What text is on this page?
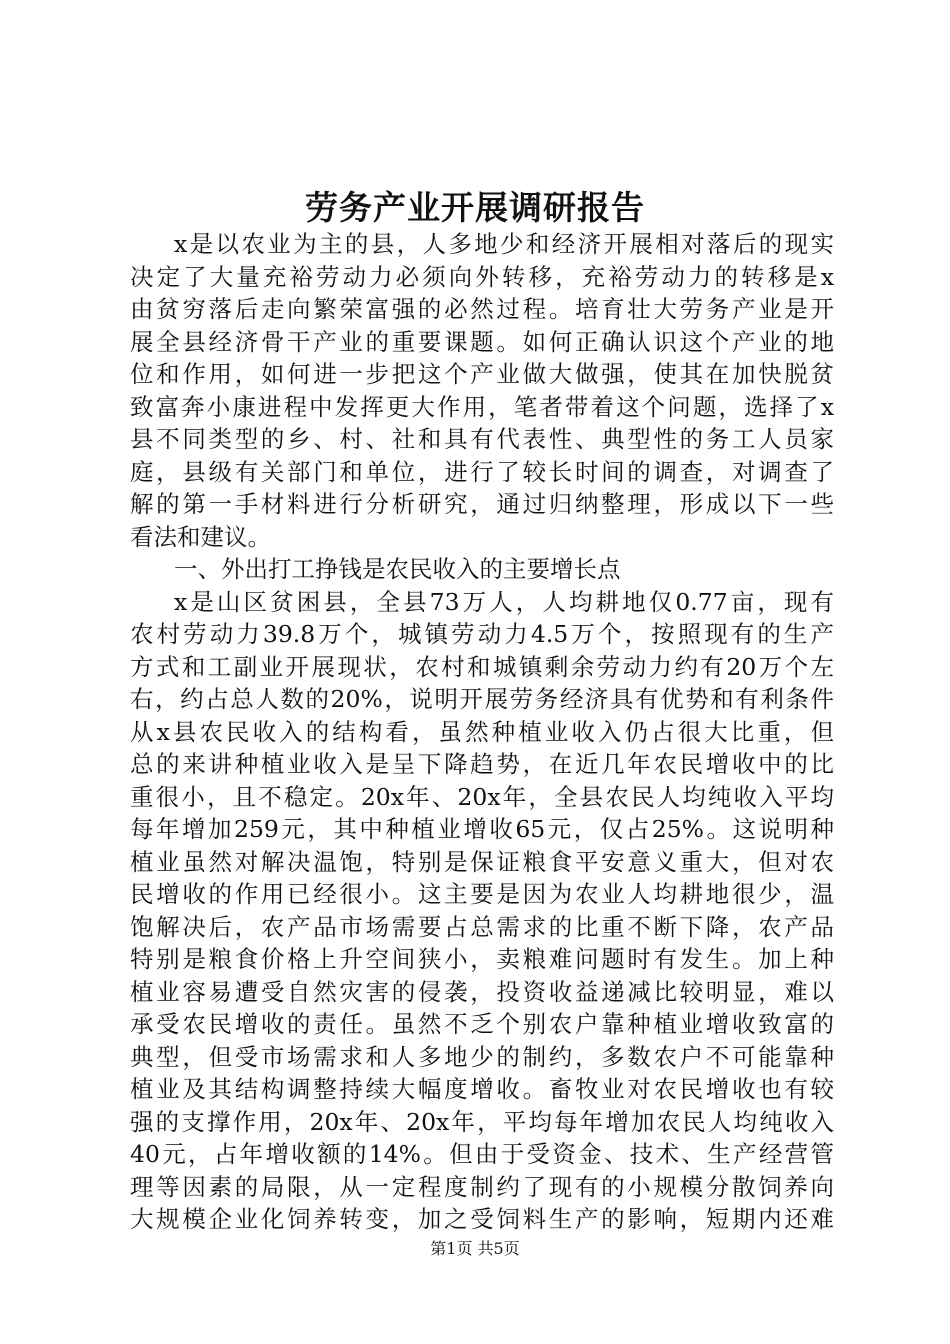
劳务产业开展调研报告
x是以农业为主的县，人多地少和经济开展相对落后的现实
决定了大量充裕劳动力必须向外转移，充裕劳动力的转移是x
由贫穷落后走向繁荣富强的必然过程。培育壮大劳务产业是开
展全县经济骨干产业的重要课题。如何正确认识这个产业的地
位和作用，如何进一步把这个产业做大做强，使其在加快脱贫
致富奔小康进程中发挥更大作用，笔者带着这个问题，选择了x
县不同类型的乡、村、社和具有代表性、典型性的务工人员家
庭，县级有关部门和单位，进行了较长时间的调查，对调查了
解的第一手材料进行分析研究，通过归纳整理，形成以下一些
看法和建议。
一、外出打工挣钱是农民收入的主要增长点
x是山区贫困县，全县73万人，人均耕地仅0.77亩，现有
农村劳动力39.8万个，城镇劳动力4.5万个，按照现有的生产
方式和工副业开展现状，农村和城镇剩余劳动力约有20万个左
右，约占总人数的20%，说明开展劳务经济具有优势和有利条件
从x县农民收入的结构看，虽然种植业收入仍占很大比重，但
总的来讲种植业收入是呈下降趋势，在近几年农民增收中的比
重很小，且不稳定。20x年、20x年，全县农民人均纯收入平均
每年增加259元，其中种植业增收65元，仅占25%。这说明种
植业虽然对解决温饱，特别是保证粮食平安意义重大，但对农
民增收的作用已经很小。这主要是因为农业人均耕地很少，温
饱解决后，农产品市场需要占总需求的比重不断下降，农产品
特别是粮食价格上升空间狭小，卖粮难问题时有发生。加上种
植业容易遭受自然灾害的侵袭，投资收益递减比较明显，难以
承受农民增收的责任。虽然不乏个别农户靠种植业增收致富的
典型，但受市场需求和人多地少的制约，多数农户不可能靠种
植业及其结构调整持续大幅度增收。畜牧业对农民增收也有较
强的支撑作用，20x年、20x年，平均每年增加农民人均纯收入
40元，占年增收额的14%。但由于受资金、技术、生产经营管
理等因素的局限，从一定程度制约了现有的小规模分散饲养向
大规模企业化饲养转变，加之受饲料生产的影响，短期内还难
第1页 共5页
